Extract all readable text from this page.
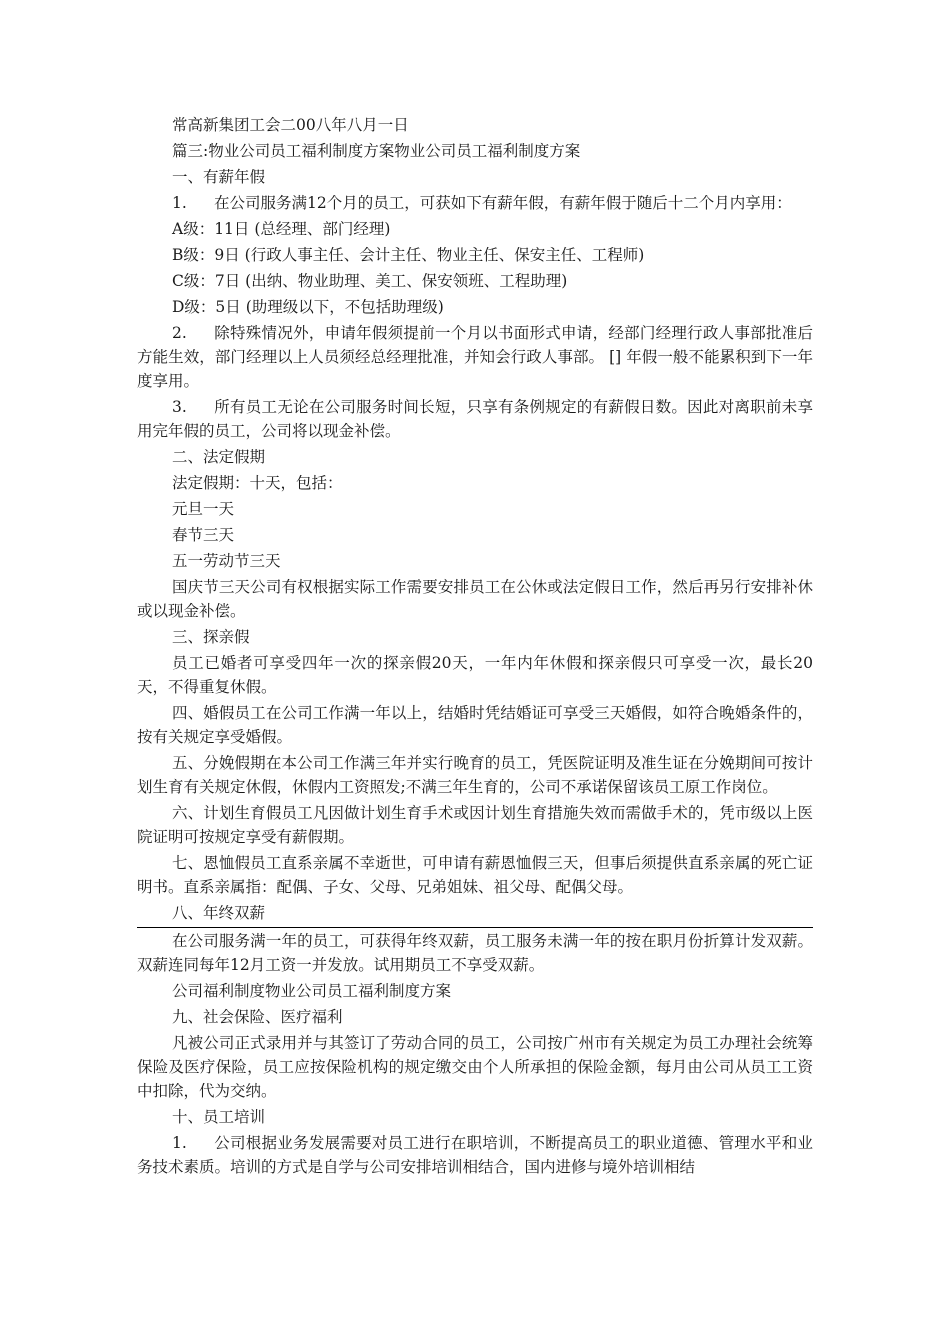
常高新集团工会二00八年八月一日

篇三:物业公司员工福利制度方案物业公司员工福利制度方案

一、有薪年假

1. 在公司服务满12个月的员工，可获如下有薪年假，有薪年假于随后十二个月内享用：

A级：11日 (总经理、部门经理)

B级：9日 (行政人事主任、会计主任、物业主任、保安主任、工程师)

C级：7日 (出纳、物业助理、美工、保安领班、工程助理)

D级：5日 (助理级以下，不包括助理级)

2. 除特殊情况外，申请年假须提前一个月以书面形式申请，经部门经理行政人事部批准后方能生效，部门经理以上人员须经总经理批准，并知会行政人事部。 [] 年假一般不能累积到下一年度享用。

3. 所有员工无论在公司服务时间长短，只享有条例规定的有薪假日数。因此对离职前未享用完年假的员工，公司将以现金补偿。

二、法定假期

法定假期：十天，包括：

元旦一天

春节三天

五一劳动节三天

国庆节三天公司有权根据实际工作需要安排员工在公休或法定假日工作，然后再另行安排补休或以现金补偿。

三、探亲假

员工已婚者可享受四年一次的探亲假20天，一年内年休假和探亲假只可享受一次，最长20天，不得重复休假。

四、婚假员工在公司工作满一年以上，结婚时凭结婚证可享受三天婚假，如符合晚婚条件的，按有关规定享受婚假。

五、分娩假期在本公司工作满三年并实行晚育的员工，凭医院证明及准生证在分娩期间可按计划生育有关规定休假，休假内工资照发;不满三年生育的，公司不承诺保留该员工原工作岗位。

六、计划生育假员工凡因做计划生育手术或因计划生育措施失效而需做手术的，凭市级以上医院证明可按规定享受有薪假期。

七、恩恤假员工直系亲属不幸逝世，可申请有薪恩恤假三天，但事后须提供直系亲属的死亡证明书。直系亲属指：配偶、子女、父母、兄弟姐妹、祖父母、配偶父母。

八、年终双薪

在公司服务满一年的员工，可获得年终双薪，员工服务未满一年的按在职月份折算计发双薪。双薪连同每年12月工资一并发放。试用期员工不享受双薪。

公司福利制度物业公司员工福利制度方案

九、社会保险、医疗福利

凡被公司正式录用并与其签订了劳动合同的员工，公司按广州市有关规定为员工办理社会统筹保险及医疗保险，员工应按保险机构的规定缴交由个人所承担的保险金额，每月由公司从员工工资中扣除，代为交纳。

十、员工培训

1. 公司根据业务发展需要对员工进行在职培训，不断提高员工的职业道德、管理水平和业务技术素质。培训的方式是自学与公司安排培训相结合，国内进修与境外培训相结
